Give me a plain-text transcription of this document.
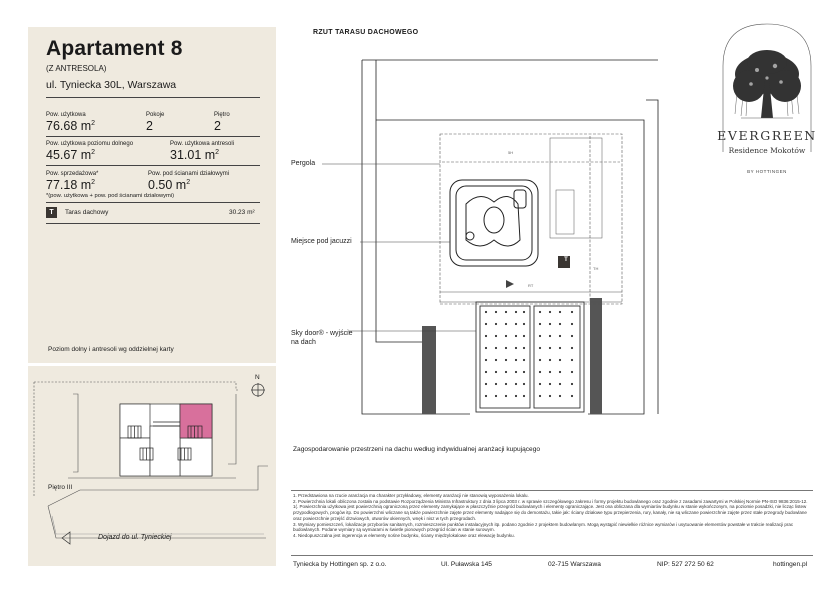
Apartament 8
(Z ANTRESOLA)
ul. Tyniecka 30L, Warszawa
Pow. użytkowa
76.68 $m^2$
Pokoje
2
Piętro
2
Pow. użytkowa poziomu dolnego
45.67 $m^2$
Pow. użytkowa antresoli
31.01 $m^2$
Pow. sprzedażowa*
77.18 $m^2$
Pow. pod ścianami działowymi
0.50 $m^2$
*(pow. użytkowa + pow. pod ścianami działowymi)
T	Taras dachowy	30.23 m²
Poziom dolny i antresoli wg oddzielnej karty
N
Piętro III
Dojazd do ul. Tynieckiej
RZUT TARASU DACHOWEGO
Pergola
Miejsce pod jacuzzi
Sky door® - wyjście
na dach
T
5H
RT
TH
EVERGREEN
Residence Mokotów
BY HOTTINGEN
Zagospodarowanie przestrzeni na dachu według indywidualnej aranżacji kupującego
1. Przedstawiona na rzucie aranżacja ma charakter przykładowy, elementy aranżacji nie stanowią wyposażenia lokalu.
2. Powierzchnia lokali obliczona została na podstawie Rozporządzenia Ministra Infrastruktury z dnia 3 lipca 2003 r. w sprawie szczegółowego zakresu i formy projektu budowlanego oraz zgodnie z zasadami zawartymi w Polskiej Normie PN-ISO 9836:2015-12. 1(. Powierzchnia użytkowa jest powierzchnią ograniczoną przez elementy zamykające w płaszczyźnie przegród budowlanych i elementy ograniczające. Jest ona obliczana dla wymiarów budynku w stanie wykończonym, na poziomie posadzki, nie licząc listew przypodłogowych, progów itp. Do powierzchni wliczane są także powierzchnie zajęte przez elementy nadające się do demontażu, takie jak: ściany działowe typu przepierzenia, rury, kanały, nie są wliczane powierzchnie zajęte przez stałe przegrody budowlane oraz powierzchnie przejść drzwiowych, otworów okiennych, wnęk i nisz w tych przegrodach.
3. Wymiary pomieszczeń, lokalizacje przyborów sanitarnych, rozmieszczenie punktów instalacyjnych itp. podano zgodnie z projektem budowlanym. Mogą wystąpić niewielkie różnice wymiarów i usytuowanie elementów powstałe w trakcie realizacji prac budowlanych. Podane wymiary są wymiarami w świetle pionowych przegród ścian w stanie surowym.
4. Niedopuszczalna jest ingerencja w elementy nośne budynku, ściany międzylokalowe oraz elewację budynku.
Tyniecka by Hottingen sp. z o.o.	Ul. Puławska 145	02-715 Warszawa	NIP: 527 272 50 62	hottingen.pl
